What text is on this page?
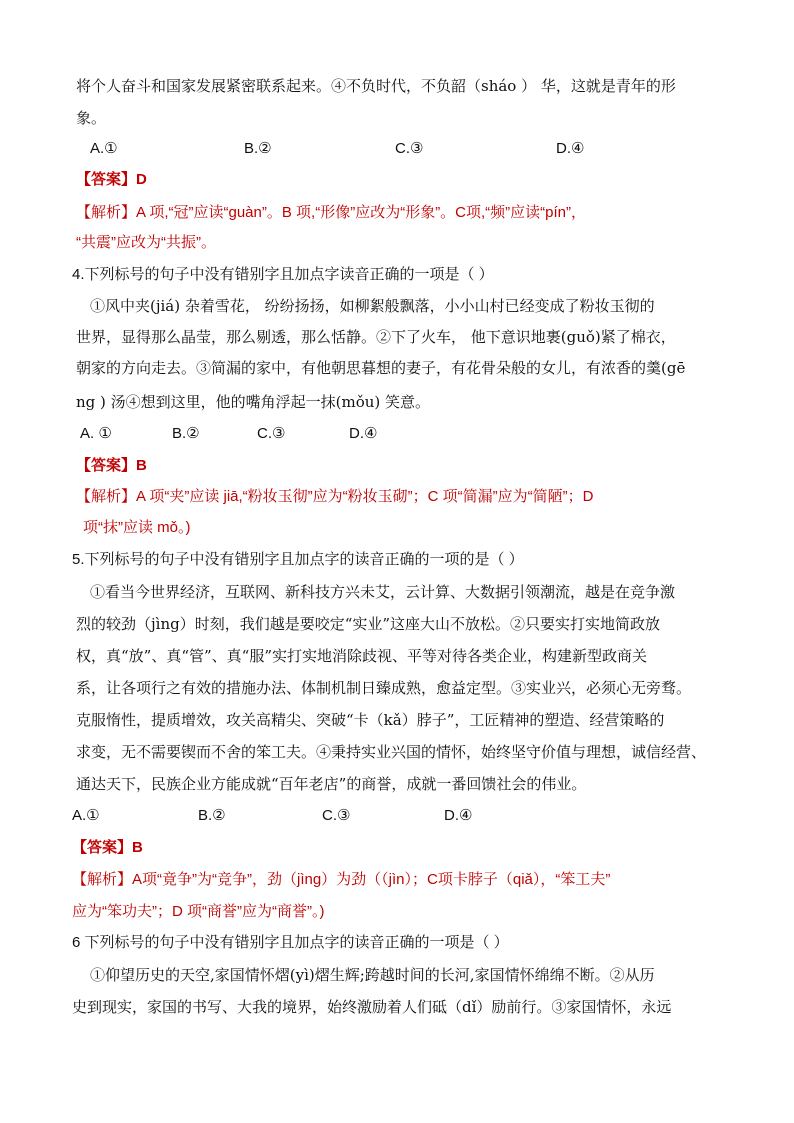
将个人奋斗和国家发展紧密联系起来。④不负时代，不负韶（sháo ） 华，这就是青年的形
象。
A.①	B.②	C.③	D.④
【答案】D
【解析】A 项,“冠”应读“guàn”。B 项,“形像”应改为“形象”。C项,“频”应读“pín”，
“共震”应改为“共振”。
4.下列标号的句子中没有错别字且加点字读音正确的一项是（ ）
①风中夹(jiá) 杂着雪花， 纷纷扬扬，如柳絮般飘落，小小山村已经变成了粉妆玉彻的
世界，显得那么晶莹，那么剔透，那么恬静。②下了火车， 他下意识地裹(guǒ)紧了棉衣，
朝家的方向走去。③简漏的家中，有他朝思暮想的妻子，有花骨朵般的女儿，有浓香的羹(gē
ng ) 汤④想到这里，他的嘴角浮起一抹(mǒu) 笑意。
A. ①	B.②	C.③	D.④
【答案】B
【解析】A 项“夹”应读 jiā,“粉妆玉彻”应为“粉妆玉砌”；C 项“简漏”应为“简陋”；D
项“抹”应读 mǒ。)
5.下列标号的句子中没有错别字且加点字的读音正确的一项的是（ ）
①看当今世界经济，互联网、新科技方兴未艾，云计算、大数据引领潮流，越是在竞争激
烈的较劲（jìng）时刻，我们越是要咬定“实业”这座大山不放松。②只要实打实地简政放
权，真“放”、真“管”、真“服”实打实地消除歧视、平等对待各类企业，构建新型政商关
系，让各项行之有效的措施办法、体制机制日臻成熟，愈益定型。③实业兴，必须心无旁骛。
克服惰性，提质增效，攻关高精尖、突破“卡（kǎ）脖子”，工匠精神的塑造、经营策略的
求变，无不需要锲而不舍的笨工夫。④秉持实业兴国的情怀，始终坚守价值与理想，诚信经营、
通达天下，民族企业方能成就“百年老店”的商誉，成就一番回馈社会的伟业。
A.①	B.②	C.③	D.④
【答案】B
【解析】A项“竟争”为“竞争”，劲（jìng）为劲（（jìn）；C项卡脖子（qiǎ），“笨工夫”
应为“笨功夫”；D 项“商誉”应为“商誉”。)
6 下列标号的句子中没有错别字且加点字的读音正确的一项是（ ）
①仰望历史的天空,家国情怀熠(yì)熠生辉;跨越时间的长河,家国情怀绵绵不断。②从历
史到现实，家国的书写、大我的境界，始终激励着人们砥（dǐ）励前行。③家国情怀，永远
